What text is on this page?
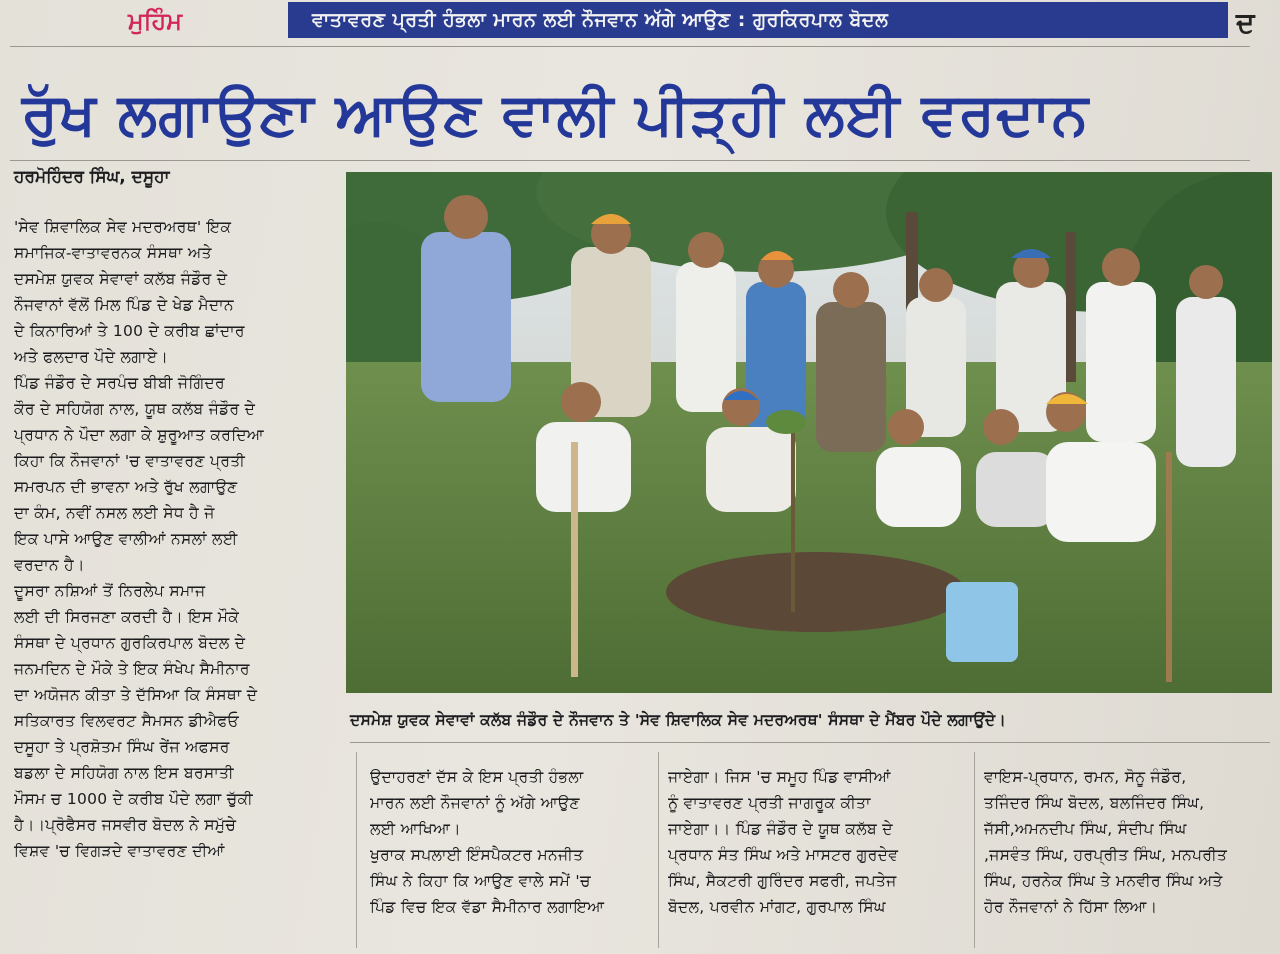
ਮੁਹਿੰਮ	ਵਾਤਾਵਰਣ ਪ੍ਰਤੀ ਹੰਭਲਾ ਮਾਰਨ ਲਈ ਨੌਜਵਾਨ ਅੱਗੇ ਆਉਣ : ਗੁਰਕਿਰਪਾਲ ਬੋਦਲ	ਦ
ਰੁੱਖ ਲਗਾਉਣਾ ਆਉਣ ਵਾਲੀ ਪੀੜ੍ਹੀ ਲਈ ਵਰਦਾਨ
ਹਰਮੋਹਿੰਦਰ ਸਿੰਘ, ਦਸੂਹਾ
ਦਸਮੇਸ਼ ਯੁਵਕ ਸੇਵਾਵਾਂ ਕਲੱਬ ਜੰਡੌਰ ਦੇ ਨੌਜਵਾਨ ਤੇ 'ਸੇਵ ਸ਼ਿਵਾਲਿਕ ਸੇਵ ਮਦਰਅਰਥ' ਸੰਸਥਾ ਦੇ ਮੈਂਬਰ ਪੌਦੇ ਲਗਾਉਂਦੇ।
'ਸੇਵ ਸ਼ਿਵਾਲਿਕ ਸੇਵ ਮਦਰਅਰਥ' ਇਕ
ਸਮਾਜਿਕ-ਵਾਤਾਵਰਨਕ ਸੰਸਥਾ ਅਤੇ
ਦਸਮੇਸ਼ ਯੁਵਕ ਸੇਵਾਵਾਂ ਕਲੱਬ ਜੰਡੌਰ ਦੇ
ਨੌਜਵਾਨਾਂ ਵੱਲੋਂ ਮਿਲ ਪਿੰਡ ਦੇ ਖੇਡ ਮੈਦਾਨ
ਦੇ ਕਿਨਾਰਿਆਂ ਤੇ 100 ਦੇ ਕਰੀਬ ਛਾਂਦਾਰ
ਅਤੇ ਫਲਦਾਰ ਪੌਦੇ ਲਗਾਏ।
ਪਿੰਡ ਜੰਡੌਰ ਦੇ ਸਰਪੰਚ ਬੀਬੀ ਜੋਗਿੰਦਰ
ਕੌਰ ਦੇ ਸਹਿਯੋਗ ਨਾਲ, ਯੂਥ ਕਲੱਬ ਜੰਡੌਰ ਦੇ
ਪ੍ਰਧਾਨ ਨੇ ਪੌਦਾ ਲਗਾ ਕੇ ਸ਼ੁਰੂਆਤ ਕਰਦਿਆ
ਕਿਹਾ ਕਿ ਨੌਜਵਾਨਾਂ 'ਚ ਵਾਤਾਵਰਣ ਪ੍ਰਤੀ
ਸਮਰਪਨ ਦੀ ਭਾਵਨਾ ਅਤੇ ਰੁੱਖ ਲਗਾਉਣ
ਦਾ ਕੰਮ, ਨਵੀਂ ਨਸਲ ਲਈ ਸੇਧ ਹੈ ਜੋ
ਇਕ ਪਾਸੇ ਆਉਣ ਵਾਲੀਆਂ ਨਸਲਾਂ ਲਈ
ਵਰਦਾਨ ਹੈ।
ਦੂਸਰਾ ਨਸ਼ਿਆਂ ਤੋਂ ਨਿਰਲੇਪ ਸਮਾਜ
ਲਈ ਦੀ ਸਿਰਜਣਾ ਕਰਦੀ ਹੈ। ਇਸ ਮੌਕੇ
ਸੰਸਥਾ ਦੇ ਪ੍ਰਧਾਨ ਗੁਰਕਿਰਪਾਲ ਬੋਦਲ ਦੇ
ਜਨਮਦਿਨ ਦੇ ਮੌਕੇ ਤੇ ਇਕ ਸੰਖੇਪ ਸੈਮੀਨਾਰ
ਦਾ ਅਯੋਜਨ ਕੀਤਾ ਤੇ ਦੱਸਿਆ ਕਿ ਸੰਸਥਾ ਦੇ
ਸਤਿਕਾਰਤ ਵਿਲਵਰਟ ਸੈਮਸਨ ਡੀਐਫਓ
ਦਸੂਹਾ ਤੇ ਪ੍ਰਸ਼ੋਤਮ ਸਿੰਘ ਰੇਂਜ ਅਫਸਰ
ਬਡਲਾ ਦੇ ਸਹਿਯੋਗ ਨਾਲ ਇਸ ਬਰਸਾਤੀ
ਮੌਸਮ ਚ 1000 ਦੇ ਕਰੀਬ ਪੌਦੇ ਲਗਾ ਚੁੱਕੀ
ਹੈ।।ਪ੍ਰੋਫੈਸਰ ਜਸਵੀਰ ਬੋਦਲ ਨੇ ਸਮੁੱਚੇ
ਵਿਸ਼ਵ 'ਚ ਵਿਗੜਦੇ ਵਾਤਾਵਰਣ ਦੀਆਂ
ਉਦਾਹਰਣਾਂ ਦੱਸ ਕੇ ਇਸ ਪ੍ਰਤੀ ਹੰਭਲਾ
ਮਾਰਨ ਲਈ ਨੌਜਵਾਨਾਂ ਨੂੰ ਅੱਗੇ ਆਉਣ
ਲਈ ਆਖਿਆ।
ਖੁਰਾਕ ਸਪਲਾਈ ਇੰਸਪੈਕਟਰ ਮਨਜੀਤ
ਸਿੰਘ ਨੇ ਕਿਹਾ ਕਿ ਆਉਣ ਵਾਲੇ ਸਮੇਂ 'ਚ
ਪਿੰਡ ਵਿਚ ਇਕ ਵੱਡਾ ਸੈਮੀਨਾਰ ਲਗਾਇਆ
ਜਾਏਗਾ। ਜਿਸ 'ਚ ਸਮੂਹ ਪਿੰਡ ਵਾਸੀਆਂ
ਨੂੰ ਵਾਤਾਵਰਣ ਪ੍ਰਤੀ ਜਾਗਰੂਕ ਕੀਤਾ
ਜਾਏਗਾ।। ਪਿੰਡ ਜੰਡੌਰ ਦੇ ਯੂਥ ਕਲੱਬ ਦੇ
ਪ੍ਰਧਾਨ ਸੰਤ ਸਿੰਘ ਅਤੇ ਮਾਸਟਰ ਗੁਰਦੇਵ
ਸਿੰਘ, ਸੈਕਟਰੀ ਗੁਰਿੰਦਰ ਸਫਰੀ, ਜਪਤੇਜ
ਬੋਦਲ, ਪਰਵੀਨ ਮਾਂਗਟ, ਗੁਰਪਾਲ ਸਿੰਘ
ਵਾਇਸ-ਪ੍ਰਧਾਨ, ਰਮਨ, ਸੋਨੂ ਜੰਡੌਰ,
ਤਜਿੰਦਰ ਸਿੰਘ ਬੋਦਲ, ਬਲਜਿੰਦਰ ਸਿੰਘ,
ਜੱਸੀ,ਅਮਨਦੀਪ ਸਿੰਘ, ਸੰਦੀਪ ਸਿੰਘ
,ਜਸਵੰਤ ਸਿੰਘ, ਹਰਪ੍ਰੀਤ ਸਿੰਘ, ਮਨਪਰੀਤ
ਸਿੰਘ, ਹਰਨੇਕ ਸਿੰਘ ਤੇ ਮਨਵੀਰ ਸਿੰਘ ਅਤੇ
ਹੋਰ ਨੌਜਵਾਨਾਂ ਨੇ ਹਿੱਸਾ ਲਿਆ।
